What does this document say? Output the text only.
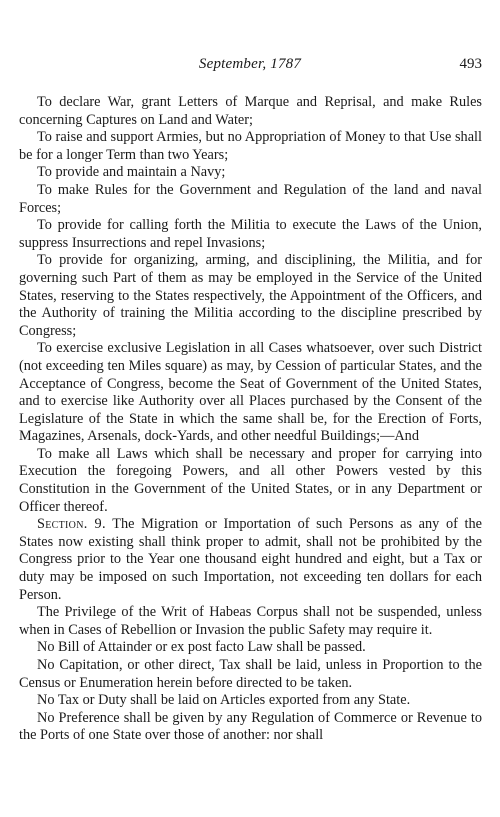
September, 1787	493

To declare War, grant Letters of Marque and Reprisal, and make Rules concerning Captures on Land and Water;

To raise and support Armies, but no Appropriation of Money to that Use shall be for a longer Term than two Years;

To provide and maintain a Navy;

To make Rules for the Government and Regulation of the land and naval Forces;

To provide for calling forth the Militia to execute the Laws of the Union, suppress Insurrections and repel Invasions;

To provide for organizing, arming, and disciplining, the Militia, and for governing such Part of them as may be employed in the Service of the United States, reserving to the States respectively, the Appointment of the Officers, and the Authority of training the Militia according to the discipline prescribed by Congress;

To exercise exclusive Legislation in all Cases whatsoever, over such District (not exceeding ten Miles square) as may, by Cession of particular States, and the Acceptance of Congress, become the Seat of Government of the United States, and to exercise like Authority over all Places purchased by the Consent of the Legislature of the State in which the same shall be, for the Erection of Forts, Magazines, Arsenals, dock-Yards, and other needful Buildings;—And

To make all Laws which shall be necessary and proper for carrying into Execution the foregoing Powers, and all other Powers vested by this Constitution in the Government of the United States, or in any Department or Officer thereof.

Section. 9. The Migration or Importation of such Persons as any of the States now existing shall think proper to admit, shall not be prohibited by the Congress prior to the Year one thousand eight hundred and eight, but a Tax or duty may be imposed on such Importation, not exceeding ten dollars for each Person.

The Privilege of the Writ of Habeas Corpus shall not be suspended, unless when in Cases of Rebellion or Invasion the public Safety may require it.

No Bill of Attainder or ex post facto Law shall be passed.

No Capitation, or other direct, Tax shall be laid, unless in Proportion to the Census or Enumeration herein before directed to be taken.

No Tax or Duty shall be laid on Articles exported from any State.

No Preference shall be given by any Regulation of Commerce or Revenue to the Ports of one State over those of another: nor shall
